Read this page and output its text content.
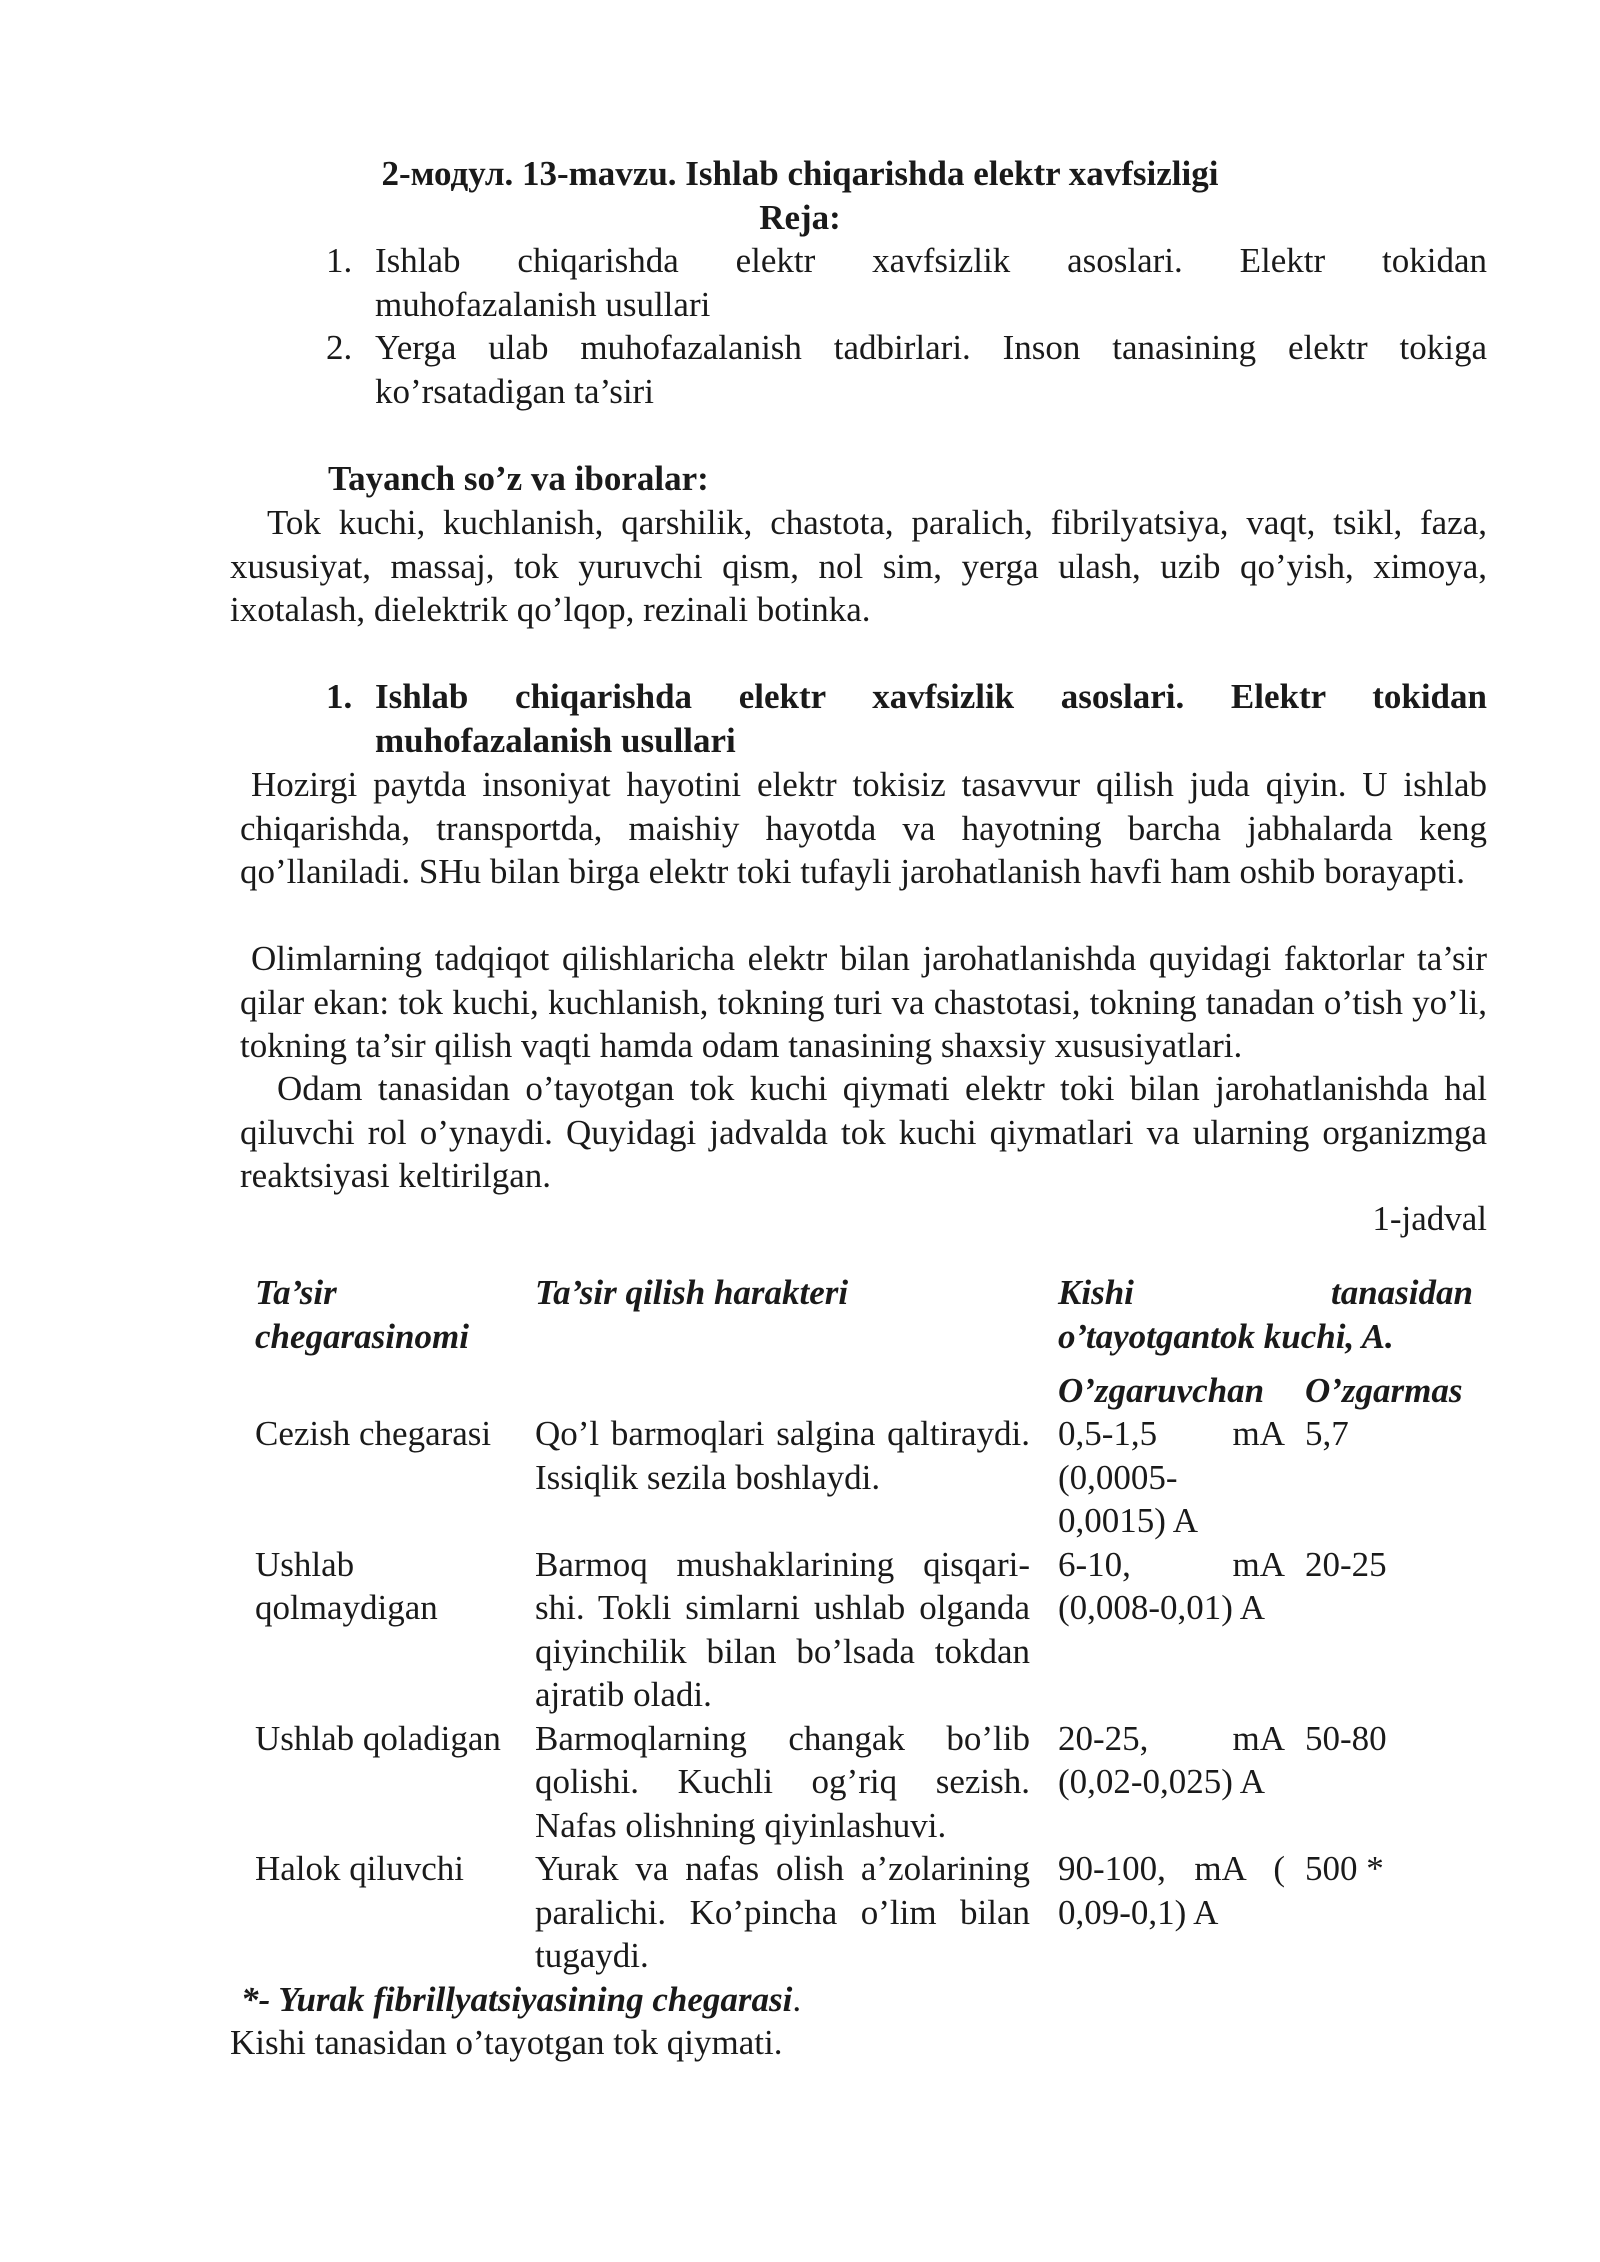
2-модул. 13-mavzu. Ishlab chiqarishda elektr xavfsizligi
Reja:
1. Ishlab chiqarishda elektr xavfsizlik asoslari. Elektr tokidan
muhofazalanish usullari
2. Yerga ulab muhofazalanish tadbirlari. Inson tanasining elektr tokiga
ko’rsatadigan ta’siri
Tayanch so’z va iboralar:
Tok kuchi, kuchlanish, qarshilik, chastota, paralich, fibrilyatsiya, vaqt, tsikl, faza, xususiyat, massaj, tok yuruvchi qism, nol sim, yerga ulash, uzib qo’yish, ximoya, ixotalash, dielektrik qo’lqop, rezinali botinka.
1. Ishlab chiqarishda elektr xavfsizlik asoslari. Elektr tokidan
muhofazalanish usullari
Hozirgi paytda insoniyat hayotini elektr tokisiz tasavvur qilish juda qiyin. U ishlab chiqarishda, transportda, maishiy hayotda va hayotning barcha jabhalarda keng qo’llaniladi. SHu bilan birga elektr toki tufayli jarohatlanish havfi ham oshib borayapti.
Olimlarning tadqiqot qilishlaricha elektr bilan jarohatlanishda quyidagi faktorlar ta’sir qilar ekan: tok kuchi, kuchlanish, tokning turi va chastotasi, tokning tanadan o’tish yo’li, tokning ta’sir qilish vaqti hamda odam tanasining shaxsiy xususiyatlari.
Odam tanasidan o’tayotgan tok kuchi qiymati elektr toki bilan jarohatlanishda hal qiluvchi rol o’ynaydi. Quyidagi jadvalda tok kuchi qiymatlari va ularning organizmga reaktsiyasi keltirilgan.
1-jadval
Ta’sir chegarasinomi	Ta’sir qilish harakteri	Kishi tanasidan o’tayotgantok kuchi, A.	
		O’zgaruvchan	O’zgarmas
Cezish chegarasi	Qo’l barmoqlari salgina qaltiraydi. Issiqlik sezila boshlaydi.	0,5-1,5 mA (0,0005-0,0015) A	5,7
Ushlab qolmaydigan	Barmoq mushaklarining qisqari-shi. Tokli simlarni ushlab olganda qiyinchilik bilan bo’lsada tokdan ajratib oladi.	6-10, mA (0,008-0,01) A	20-25
Ushlab qoladigan	Barmoqlarning changak bo’lib qolishi. Kuchli og’riq sezish. Nafas olishning qiyinlashuvi.	20-25, mA (0,02-0,025) A	50-80
Halok qiluvchi	Yurak va nafas olish a’zolarining paralichi. Ko’pincha o’lim bilan tugaydi.	90-100, mA ( 0,09-0,1) A	500 *
*- Yurak fibrillyatsiyasining chegarasi.
Kishi tanasidan o’tayotgan tok qiymati.
